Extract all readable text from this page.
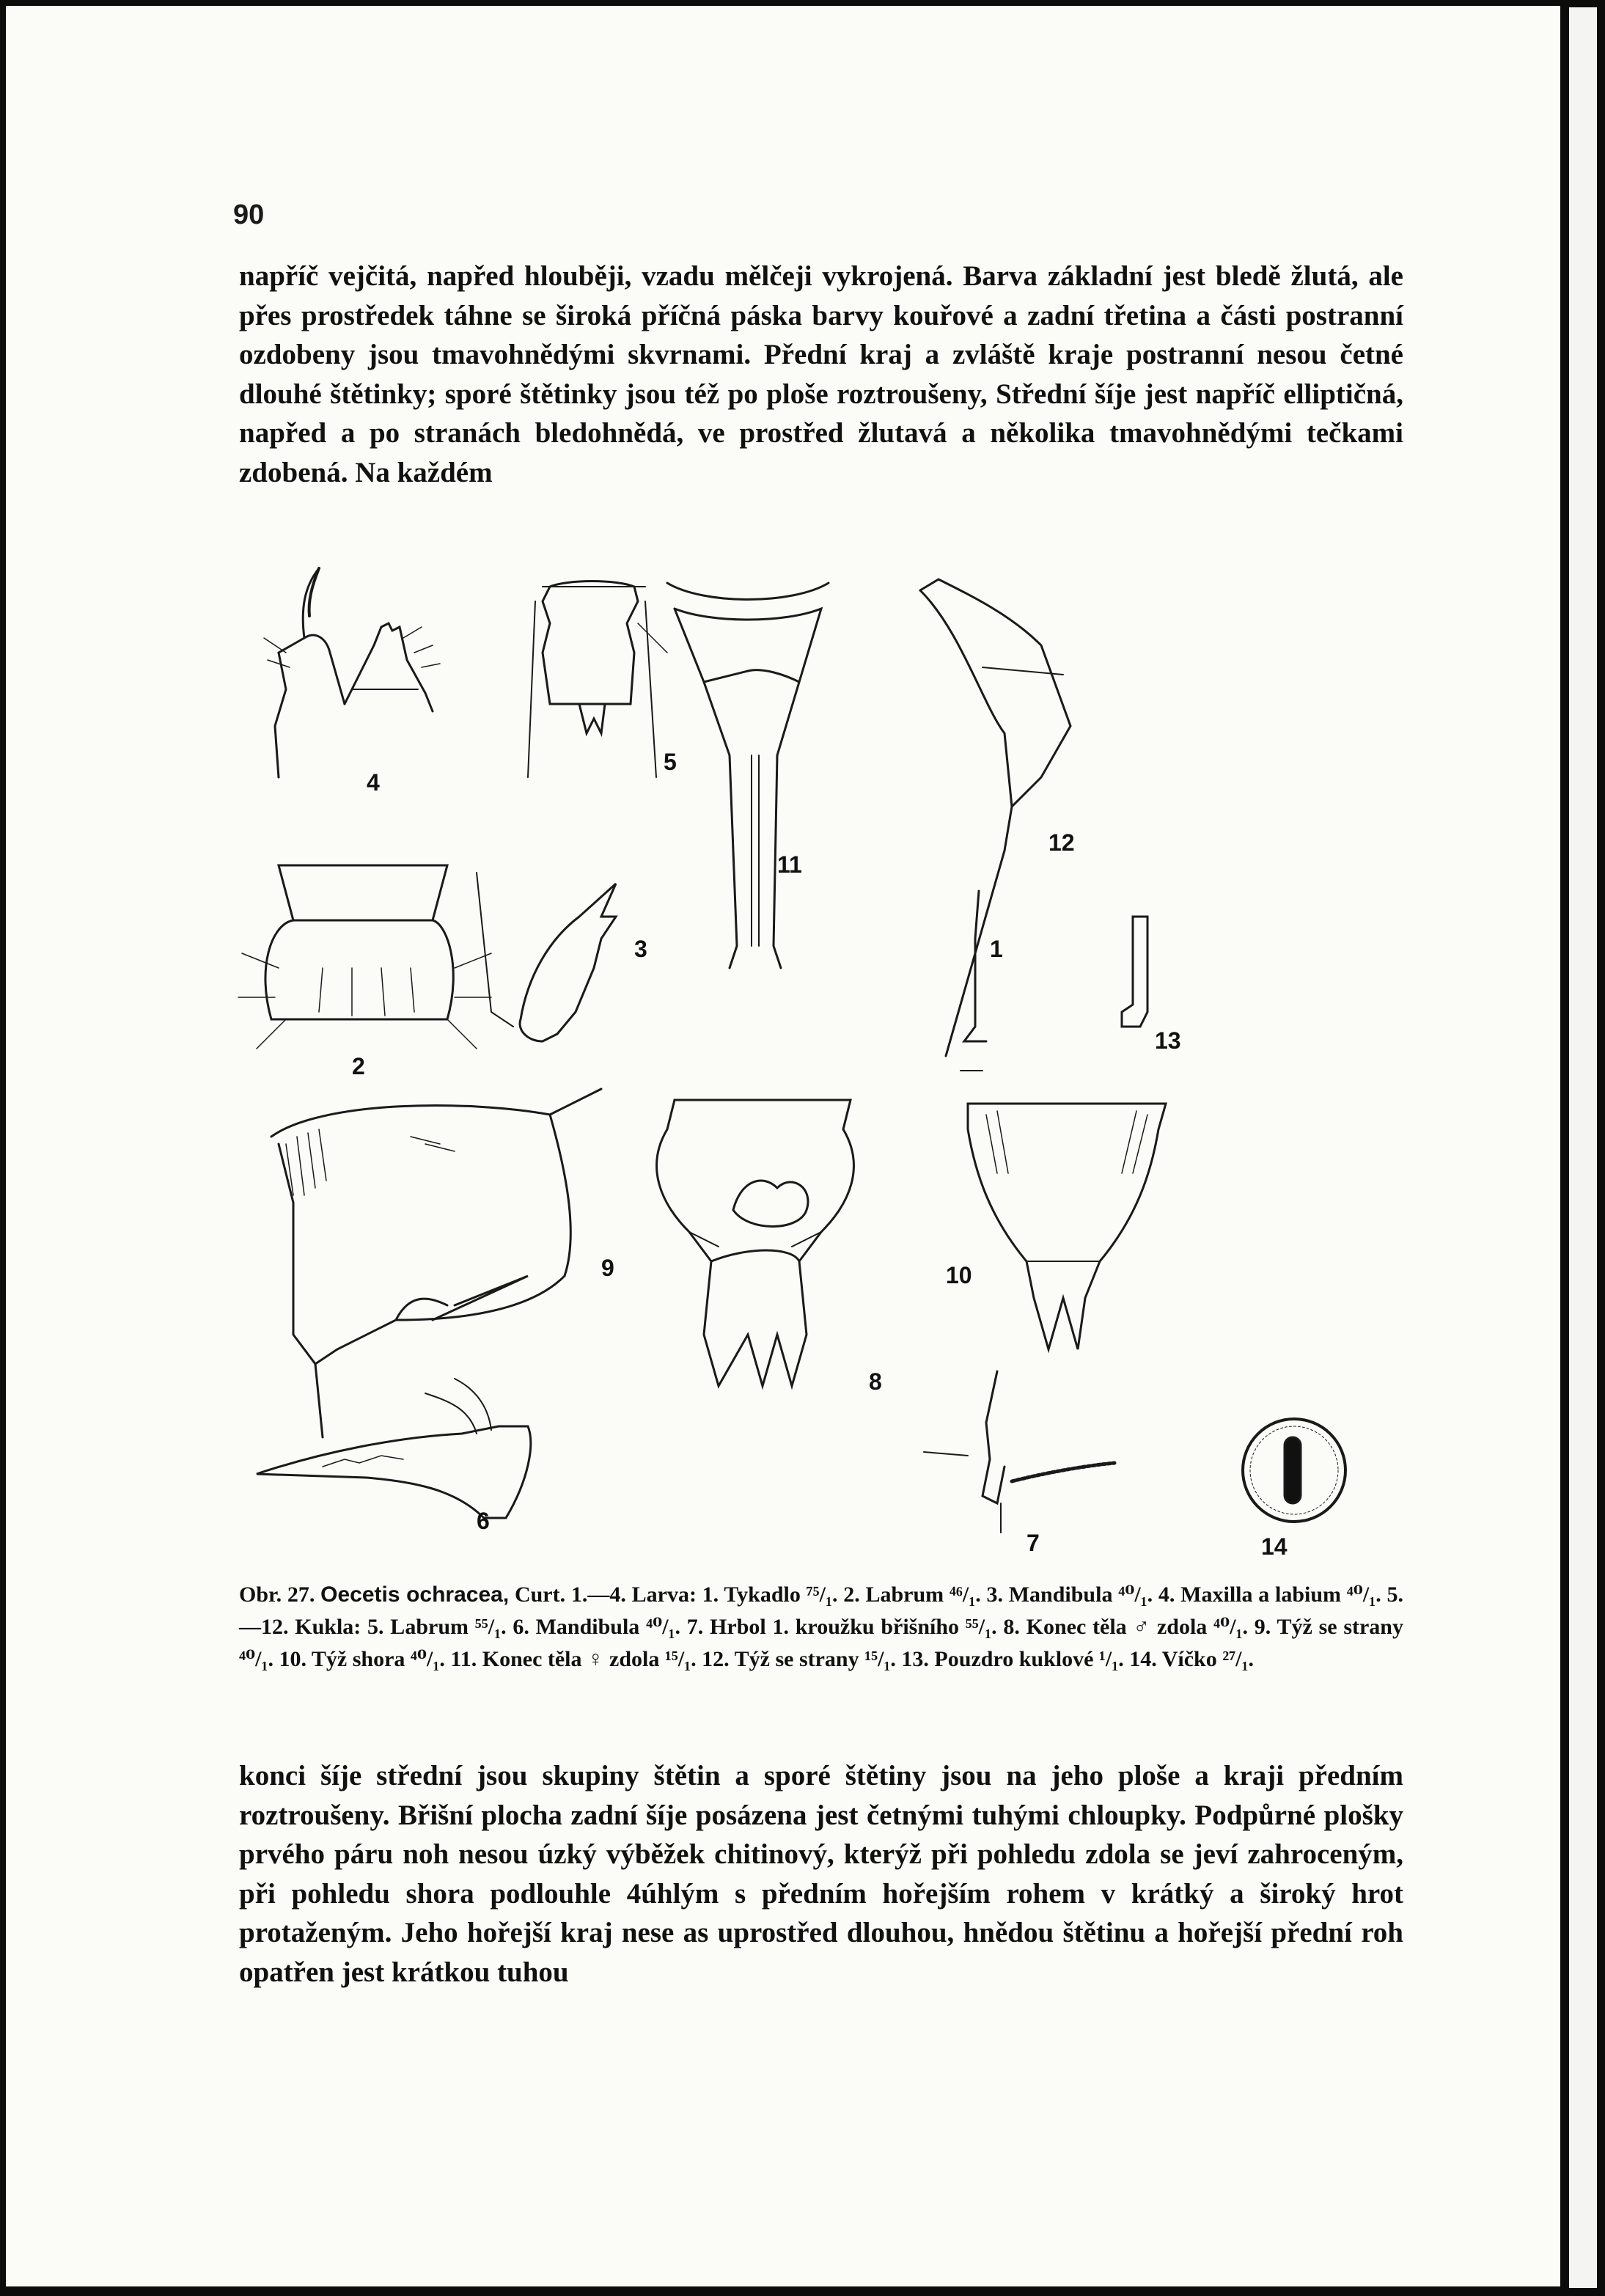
90

napříč vejčitá, napřed hlouběji, vzadu mělčeji vykrojená. Barva základní jest bledě žlutá, ale přes prostředek táhne se široká příčná páska barvy kouřové a zadní třetina a části postranní ozdobeny jsou tmavohnědými skvrnami. Přední kraj a zvláště kraje postranní nesou četné dlouhé štětinky; sporé štětinky jsou též po ploše roztroušeny, Střední šíje jest napříč elliptičná, napřed a po stranách bledohnědá, ve prostřed žlutavá a několika tmavohnědými tečkami zdobená. Na každém

4
5
11
12
2
3	1
13
9	10
8
6
7	14
Obr. 27. Oecetis ochracea, Curt. 1.—4. Larva: 1. Tykadlo ⁷⁵/₁. 2. Labrum ⁴⁶/₁. 3. Mandibula ⁴⁰/₁. 4. Maxilla a labium ⁴⁰/₁. 5.—12. Kukla: 5. Labrum ⁵⁵/₁. 6. Mandibula ⁴⁰/₁. 7. Hrbol 1. kroužku břišního ⁵⁵/₁. 8. Konec těla ♂ zdola ⁴⁰/₁. 9. Týž se strany ⁴⁰/₁. 10. Týž shora ⁴⁰/₁. 11. Konec těla ♀ zdola ¹⁵/₁. 12. Týž se strany ¹⁵/₁. 13. Pouzdro kuklové ¹/₁. 14. Víčko ²⁷/₁.

konci šíje střední jsou skupiny štětin a sporé štětiny jsou na jeho ploše a kraji předním roztroušeny. Břišní plocha zadní šíje posázena jest četnými tuhými chloupky. Podpůrné plošky prvého páru noh nesou úzký výběžek chitinový, kterýž při pohledu zdola se jeví zahroceným, při pohledu shora podlouhle 4úhlým s předním hořejším rohem v krátký a široký hrot protaženým. Jeho hořejší kraj nese as uprostřed dlouhou, hnědou štětinu a hořejší přední roh opatřen jest krátkou tuhou
